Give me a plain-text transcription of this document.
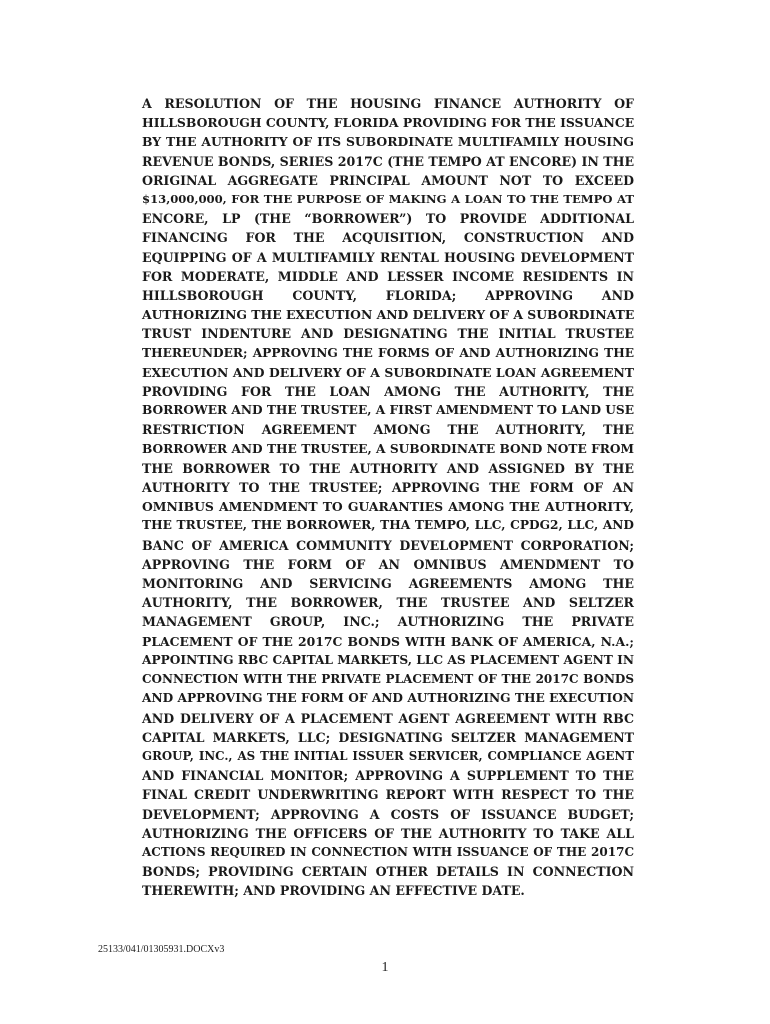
A RESOLUTION OF THE HOUSING FINANCE AUTHORITY OF
HILLSBOROUGH COUNTY, FLORIDA PROVIDING FOR THE ISSUANCE
BY THE AUTHORITY OF ITS SUBORDINATE MULTIFAMILY HOUSING
REVENUE BONDS, SERIES 2017C (THE TEMPO AT ENCORE) IN THE
ORIGINAL AGGREGATE PRINCIPAL AMOUNT NOT TO EXCEED
$13,000,000, FOR THE PURPOSE OF MAKING A LOAN TO THE TEMPO AT
ENCORE, LP (THE “BORROWER”) TO PROVIDE ADDITIONAL
FINANCING FOR THE ACQUISITION, CONSTRUCTION AND
EQUIPPING OF A MULTIFAMILY RENTAL HOUSING DEVELOPMENT
FOR MODERATE, MIDDLE AND LESSER INCOME RESIDENTS IN
HILLSBOROUGH COUNTY, FLORIDA; APPROVING AND
AUTHORIZING THE EXECUTION AND DELIVERY OF A SUBORDINATE
TRUST INDENTURE AND DESIGNATING THE INITIAL TRUSTEE
THEREUNDER; APPROVING THE FORMS OF AND AUTHORIZING THE
EXECUTION AND DELIVERY OF A SUBORDINATE LOAN AGREEMENT
PROVIDING FOR THE LOAN AMONG THE AUTHORITY, THE
BORROWER AND THE TRUSTEE, A FIRST AMENDMENT TO LAND USE
RESTRICTION AGREEMENT AMONG THE AUTHORITY, THE
BORROWER AND THE TRUSTEE, A SUBORDINATE BOND NOTE FROM
THE BORROWER TO THE AUTHORITY AND ASSIGNED BY THE
AUTHORITY TO THE TRUSTEE; APPROVING THE FORM OF AN
OMNIBUS AMENDMENT TO GUARANTIES AMONG THE AUTHORITY,
THE TRUSTEE, THE BORROWER, THA TEMPO, LLC, CPDG2, LLC, AND
BANC OF AMERICA COMMUNITY DEVELOPMENT CORPORATION;
APPROVING THE FORM OF AN OMNIBUS AMENDMENT TO
MONITORING AND SERVICING AGREEMENTS AMONG THE
AUTHORITY, THE BORROWER, THE TRUSTEE AND SELTZER
MANAGEMENT GROUP, INC.; AUTHORIZING THE PRIVATE
PLACEMENT OF THE 2017C BONDS WITH BANK OF AMERICA, N.A.;
APPOINTING RBC CAPITAL MARKETS, LLC AS PLACEMENT AGENT IN
CONNECTION WITH THE PRIVATE PLACEMENT OF THE 2017C BONDS
AND APPROVING THE FORM OF AND AUTHORIZING THE EXECUTION
AND DELIVERY OF A PLACEMENT AGENT AGREEMENT WITH RBC
CAPITAL MARKETS, LLC; DESIGNATING SELTZER MANAGEMENT
GROUP, INC., AS THE INITIAL ISSUER SERVICER, COMPLIANCE AGENT
AND FINANCIAL MONITOR; APPROVING A SUPPLEMENT TO THE
FINAL CREDIT UNDERWRITING REPORT WITH RESPECT TO THE
DEVELOPMENT; APPROVING A COSTS OF ISSUANCE BUDGET;
AUTHORIZING THE OFFICERS OF THE AUTHORITY TO TAKE ALL
ACTIONS REQUIRED IN CONNECTION WITH ISSUANCE OF THE 2017C
BONDS; PROVIDING CERTAIN OTHER DETAILS IN CONNECTION
THEREWITH; AND PROVIDING AN EFFECTIVE DATE.
25133/041/01305931.DOCXv3
1
